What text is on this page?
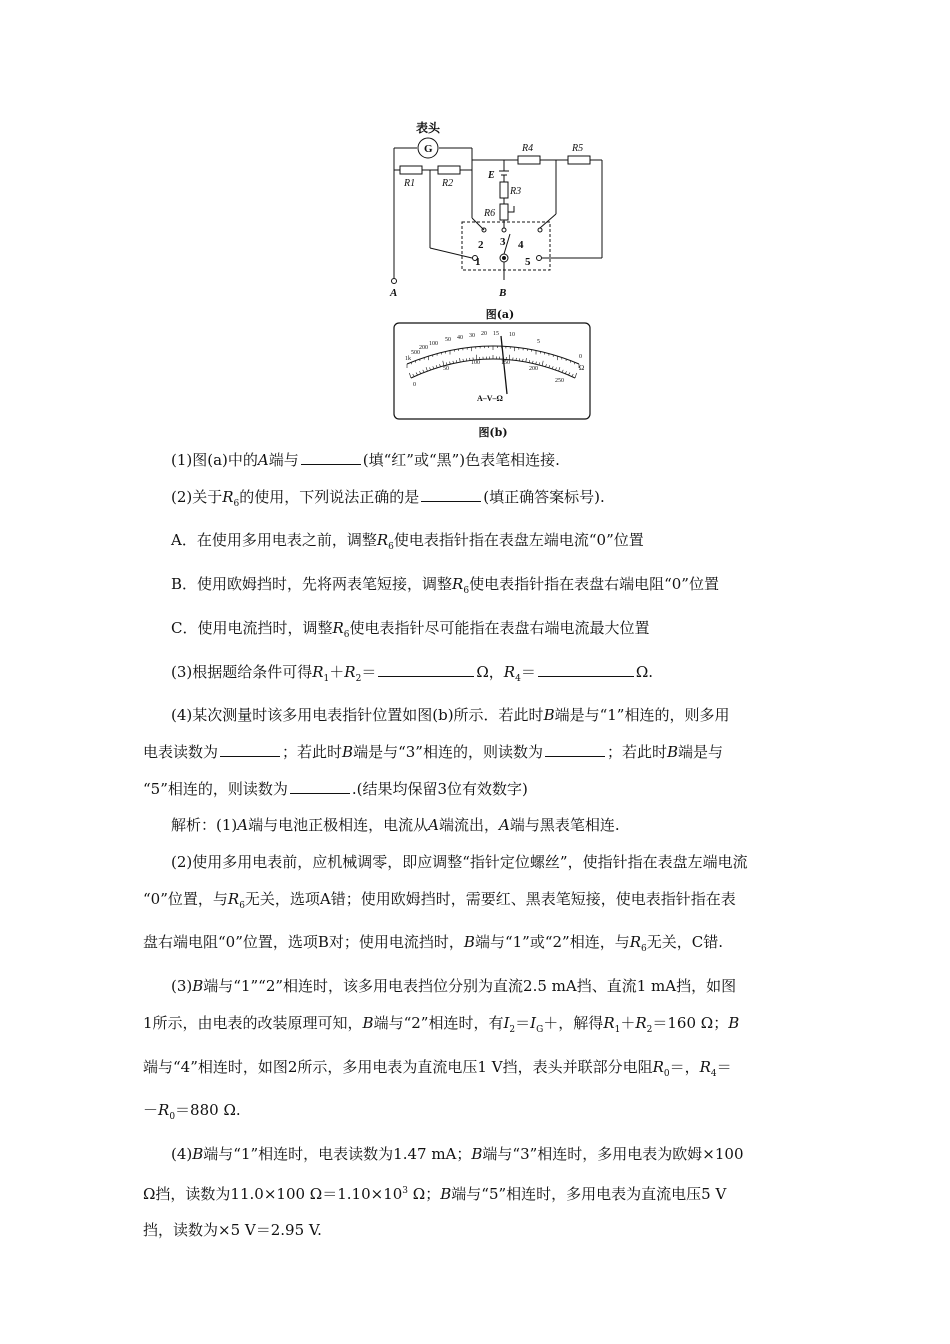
表头
G
R1	R2
R4	R5
E
R3
R6
2 3 4
1	5
A	B
图(a)
1k
500
200
100
50 40 30 20 15 10
5
0
0
50
100	150
200
250
Ω
A–V–Ω
图(b)

(1)图(a)中的A端与	(填“红”或“黑”)色表笔相连接.

(2)关于$R_6$的使用，下列说法正确的是	(填正确答案标号).

A．在使用多用电表之前，调整$R_6$使电表指针指在表盘左端电流“0”位置

B．使用欧姆挡时，先将两表笔短接，调整$R_6$使电表指针指在表盘右端电阻“0”位置

C．使用电流挡时，调整$R_6$使电表指针尽可能指在表盘右端电流最大位置

(3)根据题给条件可得$R_1+R_2=$	Ω，$R_4=$	Ω.

(4)某次测量时该多用电表指针位置如图(b)所示．若此时B端是与“1”相连的，则多用

电表读数为	；若此时B端是与“3”相连的，则读数为	；若此时B端是与

“5”相连的，则读数为	.(结果均保留3位有效数字)

解析：(1)A端与电池正极相连，电流从A端流出，A端与黑表笔相连.

(2)使用多用电表前，应机械调零，即应调整“指针定位螺丝”，使指针指在表盘左端电流

“0”位置，与$R_6$无关，选项A错；使用欧姆挡时，需要红、黑表笔短接，使电表指针指在表

盘右端电阻“0”位置，选项B对；使用电流挡时，B端与“1”或“2”相连，与$R_6$无关，C错.

(3)B端与“1”“2”相连时，该多用电表挡位分别为直流2.5 mA挡、直流1 mA挡，如图

1所示，由电表的改装原理可知，B端与“2”相连时，有$I_2=I_G+$，解得$R_1+R_2=160$ Ω；B

端与“4”相连时，如图2所示，多用电表为直流电压1 V挡，表头并联部分电阻$R_0=$，$R_4=$

$-R_0=880$ Ω.

(4)B端与“1”相连时，电表读数为1.47 mA；B端与“3”相连时，多用电表为欧姆×100

Ω挡，读数为11.0×100 $\Omega=1.10\times 10^3$ Ω；B端与“5”相连时，多用电表为直流电压5 V

挡，读数为×5 V＝2.95 V.
